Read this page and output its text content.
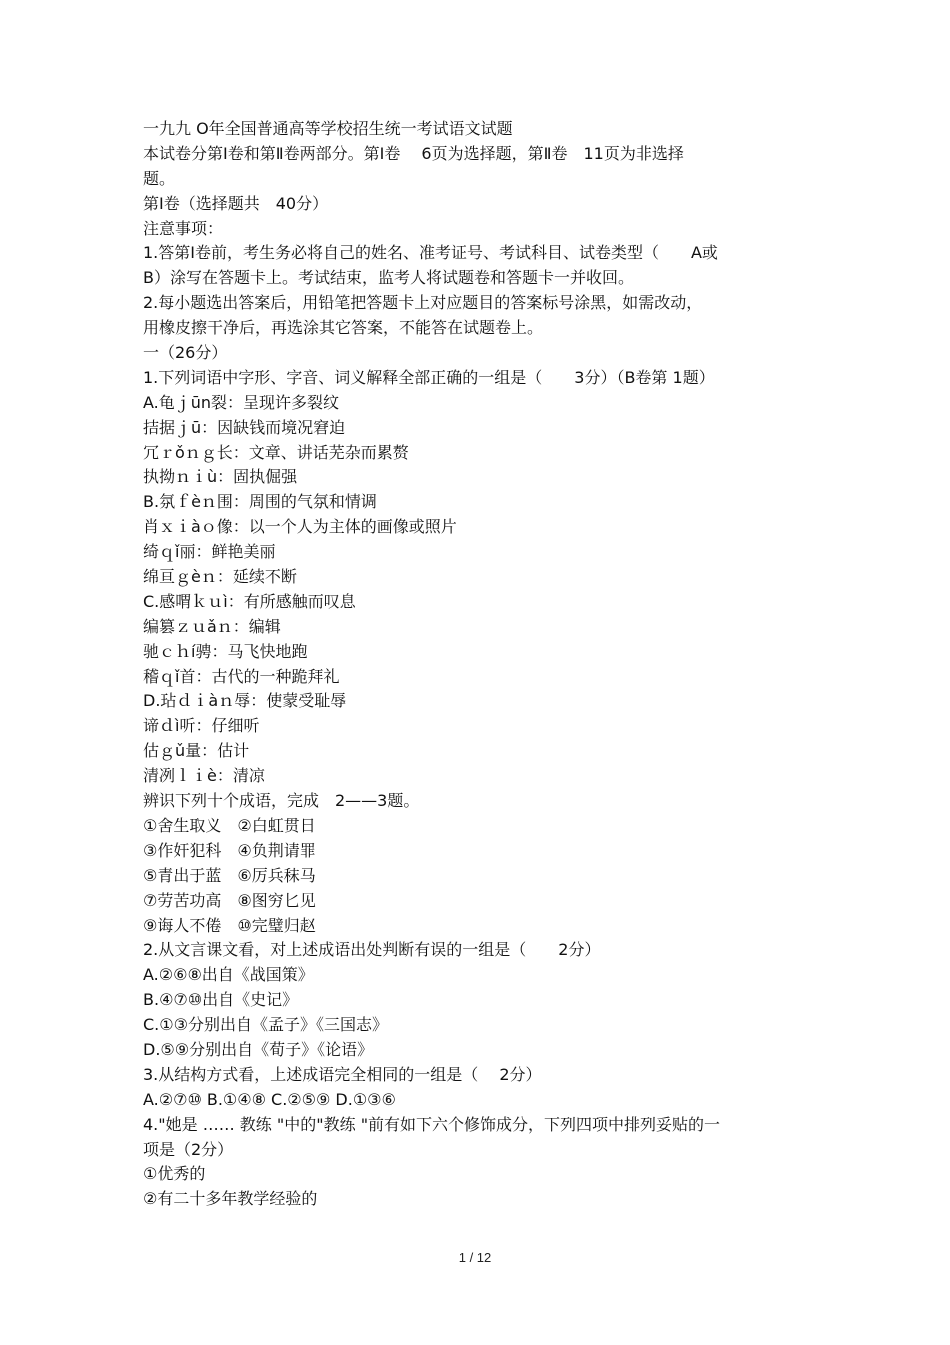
一九九 O年全国普通高等学校招生统一考试语文试题
本试卷分第Ⅰ卷和第Ⅱ卷两部分。第Ⅰ卷　 6页为选择题，第Ⅱ卷　11页为非选择
题。
第Ⅰ卷（选择题共　40分）
注意事项：
1.答第Ⅰ卷前，考生务必将自己的姓名、准考证号、考试科目、试卷类型（　　A或
B）涂写在答题卡上。考试结束，监考人将试题卷和答题卡一并收回。
2.每小题选出答案后，用铅笔把答题卡上对应题目的答案标号涂黑，如需改动，
用橡皮擦干净后，再选涂其它答案，不能答在试题卷上。
一（26分）
1.下列词语中字形、字音、词义解释全部正确的一组是（　　3分）（B卷第 1题）
A.龟ｊūn裂：呈现许多裂纹
拮据ｊū：因缺钱而境况窘迫
冗ｒǒｎｇ长：文章、讲话芜杂而累赘
执拗ｎｉù：固执倔强
B.氛ｆèｎ围：周围的气氛和情调
肖ｘｉàｏ像：以一个人为主体的画像或照片
绮ｑǐ丽：鲜艳美丽
绵亘ｇèｎ：延续不断
C.感喟ｋｕì：有所感触而叹息
编篡ｚｕǎｎ：编辑
驰ｃｈí骋：马飞快地跑
稽ｑǐ首：古代的一种跪拜礼
D.玷ｄｉàｎ辱：使蒙受耻辱
谛ｄì听：仔细听
估ｇǔ量：估计
清冽ｌｉè：清凉
辨识下列十个成语，完成　2——3题。
①舍生取义　②白虹贯日
③作奸犯科　④负荆请罪
⑤青出于蓝　⑥厉兵秣马
⑦劳苦功高　⑧图穷匕见
⑨诲人不倦　⑩完璧归赵
2.从文言课文看，对上述成语出处判断有误的一组是（　　2分）
A.②⑥⑧出自《战国策》
B.④⑦⑩出自《史记》
C.①③分别出自《孟子》《三国志》
D.⑤⑨分别出自《荀子》《论语》
3.从结构方式看，上述成语完全相同的一组是（　 2分）
A.②⑦⑩ B.①④⑧ C.②⑤⑨ D.①③⑥
4."她是 …… 教练 "中的"教练 "前有如下六个修饰成分，下列四项中排列妥贴的一
项是（2分）
①优秀的
②有二十多年教学经验的
1 / 12
